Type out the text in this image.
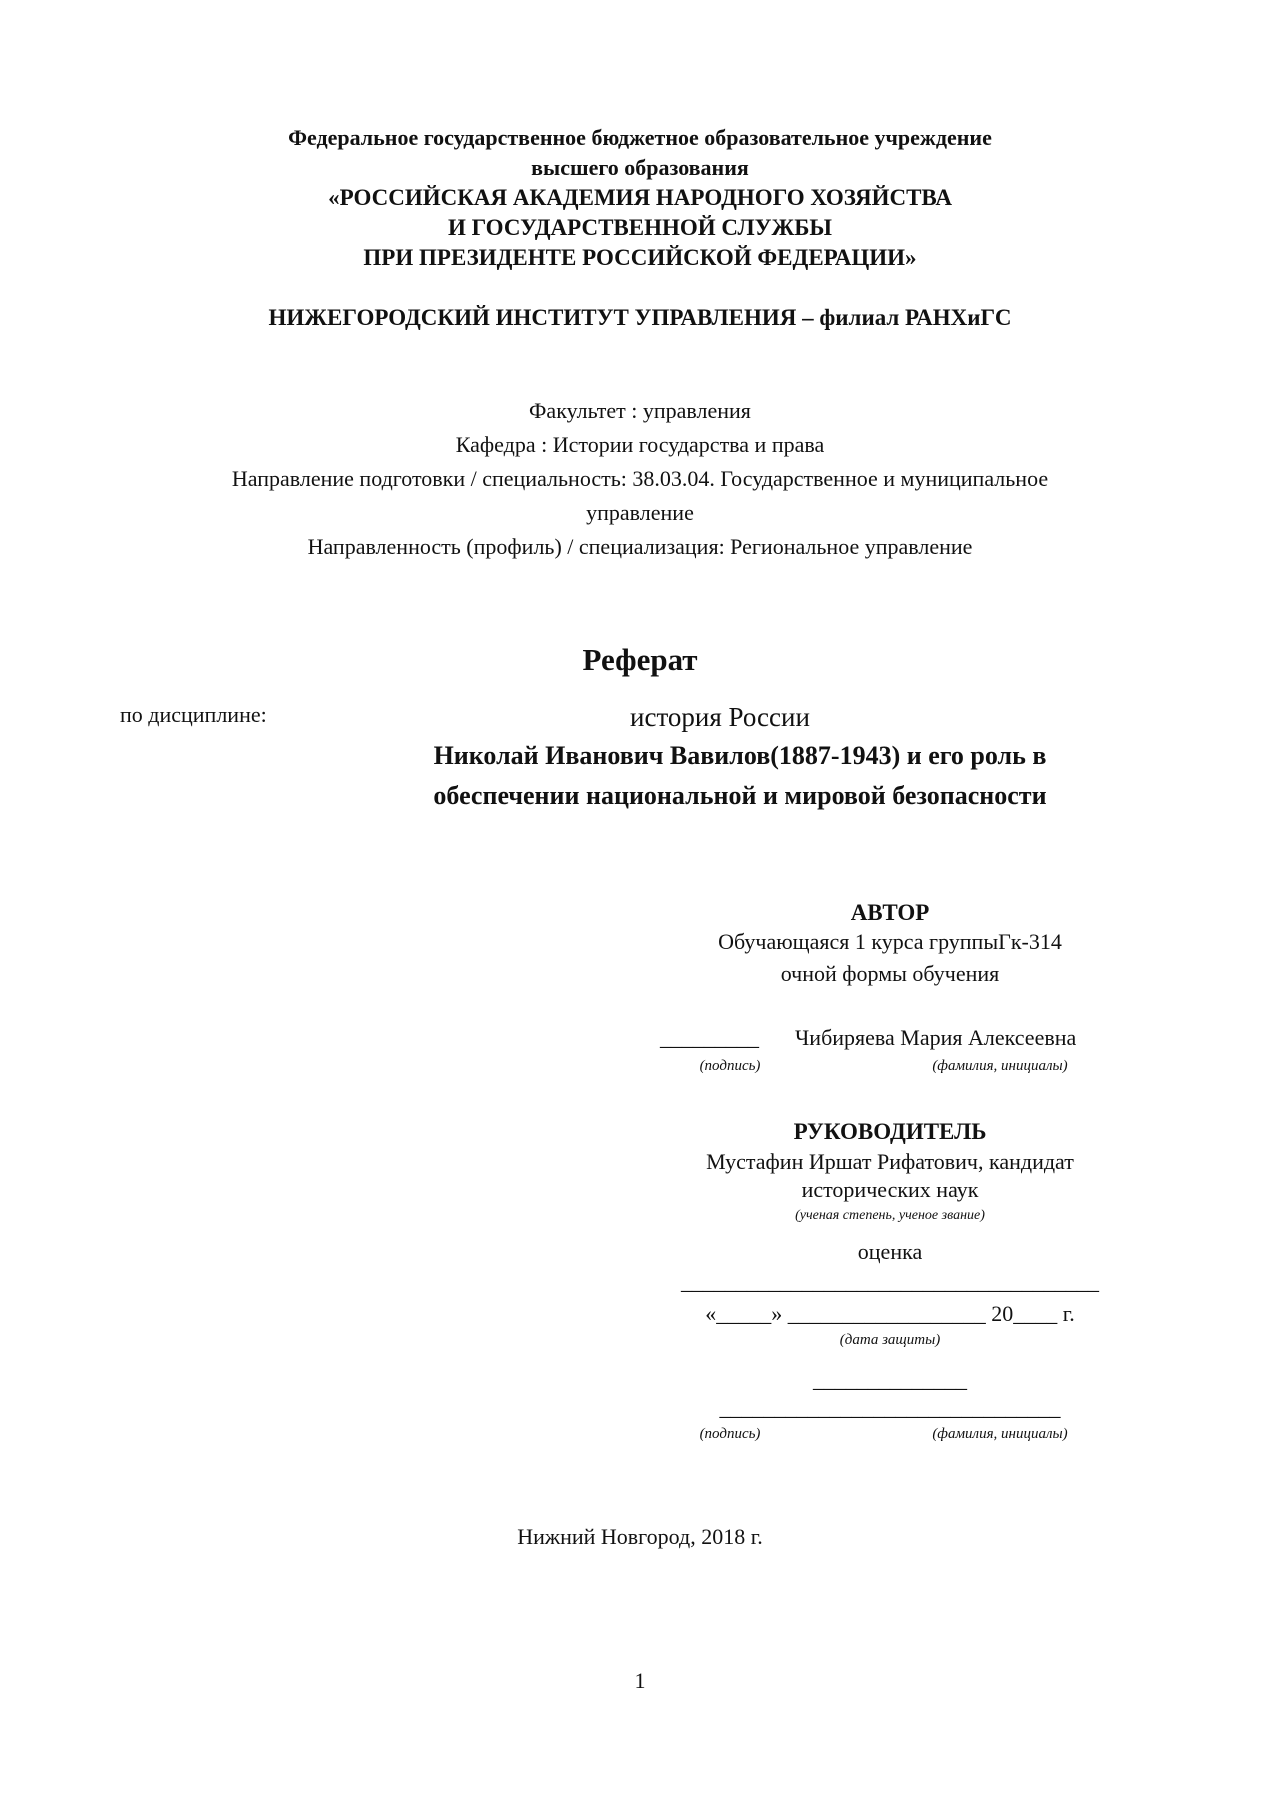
Федеральное государственное бюджетное образовательное учреждение
высшего образования
«РОССИЙСКАЯ АКАДЕМИЯ НАРОДНОГО ХОЗЯЙСТВА
И ГОСУДАРСТВЕННОЙ СЛУЖБЫ
ПРИ ПРЕЗИДЕНТЕ РОССИЙСКОЙ ФЕДЕРАЦИИ»
НИЖЕГОРОДСКИЙ ИНСТИТУТ УПРАВЛЕНИЯ – филиал РАНХиГС
Факультет : управления
Кафедра : Истории государства и права
Направление подготовки / специальность: 38.03.04. Государственное и муниципальное
управление
Направленность (профиль) / специализация: Региональное управление
Реферат
по дисциплине:	история России
Николай Иванович Вавилов(1887-1943) и его роль в
обеспечении национальной и мировой безопасности
АВТОР
Обучающаяся 1 курса группыГк-314
очной формы обучения
_________ Чибиряева Мария Алексеевна
(подпись)	(фамилия, инициалы)
РУКОВОДИТЕЛЬ
Мустафин Иршат Рифатович, кандидат
исторических наук
(ученая степень, ученое звание)
оценка
______________________________________
«_____» __________________ 20____ г.
(дата защиты)
______________
_______________________________
(подпись)	(фамилия, инициалы)
Нижний Новгород, 2018 г.
1
